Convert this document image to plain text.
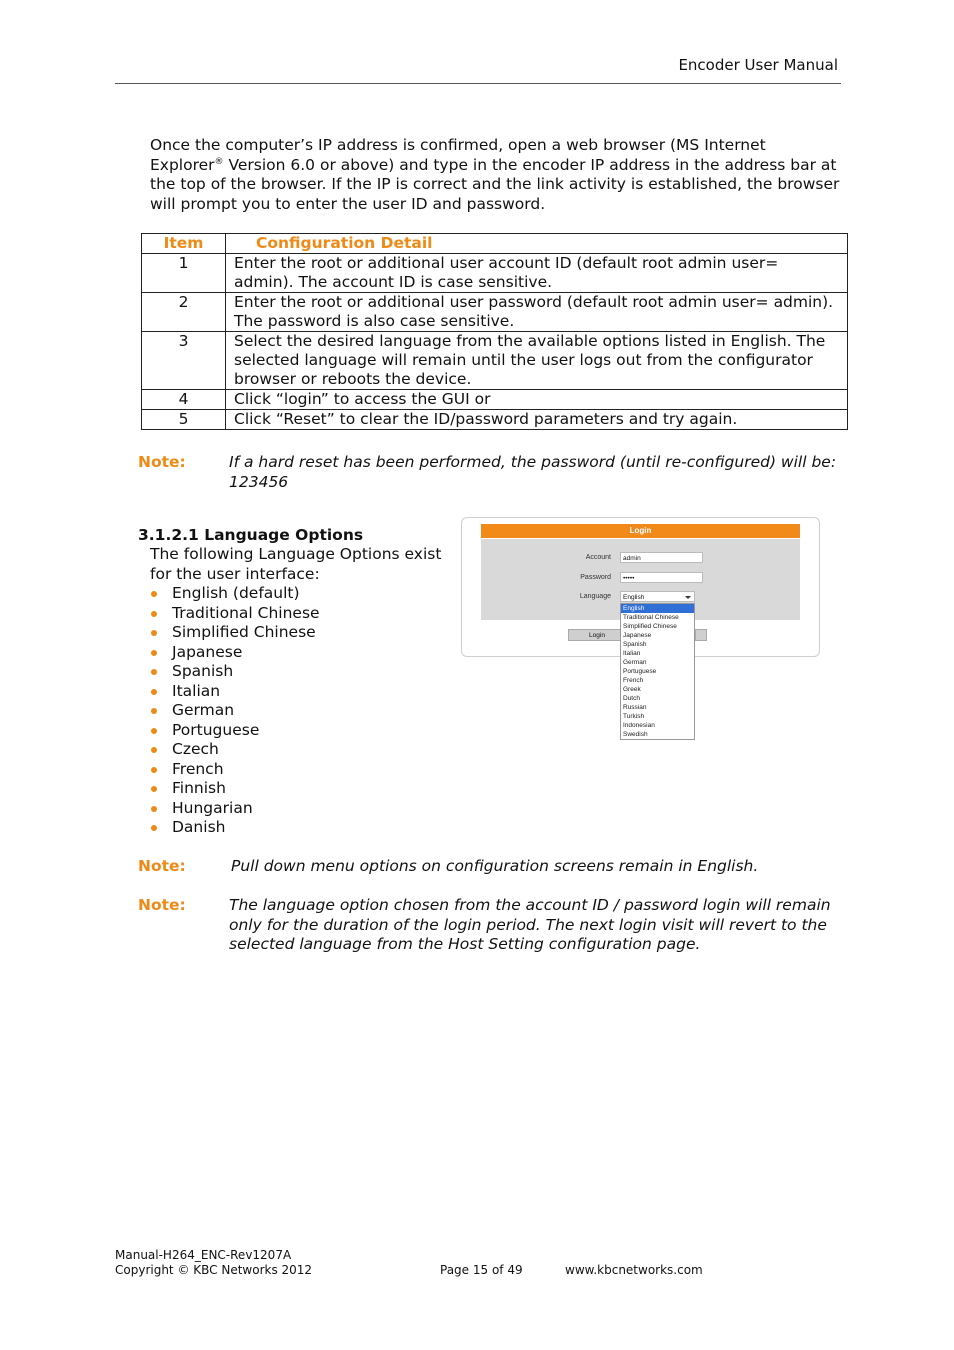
Encoder User Manual
Once the computer’s IP address is confirmed, open a web browser (MS Internet Explorer® Version 6.0 or above) and type in the encoder IP address in the address bar at the top of the browser. If the IP is correct and the link activity is established, the browser will prompt you to enter the user ID and password.
Item	Configuration Detail
1	Enter the root or additional user account ID (default root admin user= admin). The account ID is case sensitive.
2	Enter the root or additional user password (default root admin user= admin). The password is also case sensitive.
3	Select the desired language from the available options listed in English. The selected language will remain until the user logs out from the configurator browser or reboots the device.
4	Click “login” to access the GUI or
5	Click “Reset” to clear the ID/password parameters and try again.
Note:	If a hard reset has been performed, the password (until re-configured) will be: 123456
3.1.2.1 Language Options
The following Language Options exist for the user interface:
English (default)
Traditional Chinese
Simplified Chinese
Japanese
Spanish
Italian
German
Portuguese
Czech
French
Finnish
Hungarian
Danish
Login
Account	admin
Password	•••••
Language	English
Login
English
Traditional Chinese
Simplified Chinese
Japanese
Spanish
Italian
German
Portuguese
French
Greek
Dutch
Russian
Turkish
Indonesian
Swedish
Note:	Pull down menu options on configuration screens remain in English.
Note:	The language option chosen from the account ID / password login will remain only for the duration of the login period. The next login visit will revert to the selected language from the Host Setting configuration page.
Manual-H264_ENC-Rev1207A
Copyright © KBC Networks 2012	Page 15 of 49	www.kbcnetworks.com
